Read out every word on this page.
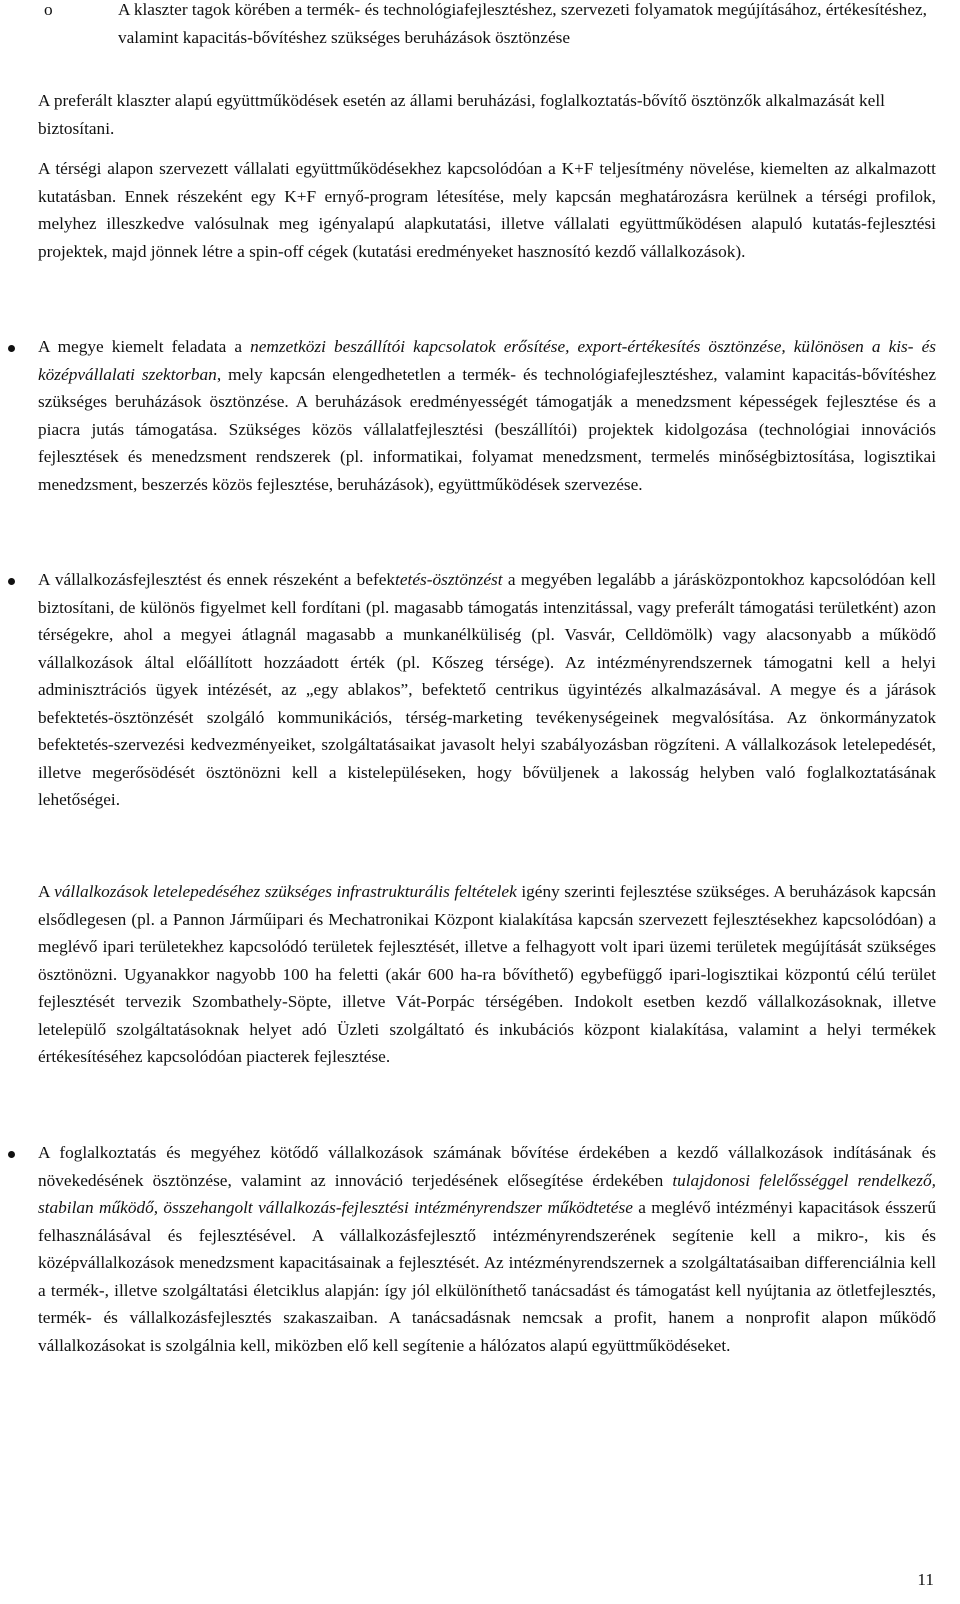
o	A klaszter tagok körében a termék- és technológiafejlesztéshez, szervezeti folyamatok megújításához, értékesítéshez, valamint kapacitás-bővítéshez szükséges beruházások ösztönzése

A preferált klaszter alapú együttműködések esetén az állami beruházási, foglalkoztatás-bővítő ösztönzők alkalmazását kell biztosítani.

A térségi alapon szervezett vállalati együttműködésekhez kapcsolódóan a K+F teljesítmény növelése, kiemelten az alkalmazott kutatásban. Ennek részeként egy K+F ernyő-program létesítése, mely kapcsán meghatározásra kerülnek a térségi profilok, melyhez illeszkedve valósulnak meg igényalapú alapkutatási, illetve vállalati együttműködésen alapuló kutatás-fejlesztési projektek, majd jönnek létre a spin-off cégek (kutatási eredményeket hasznosító kezdő vállalkozások).

A megye kiemelt feladata a nemzetközi beszállítói kapcsolatok erősítése, export-értékesítés ösztönzése, különösen a kis- és középvállalati szektorban, mely kapcsán elengedhetetlen a termék- és technológiafejlesztéshez, valamint kapacitás-bővítéshez szükséges beruházások ösztönzése. A beruházások eredményességét támogatják a menedzsment képességek fejlesztése és a piacra jutás támogatása. Szükséges közös vállalatfejlesztési (beszállítói) projektek kidolgozása (technológiai innovációs fejlesztések és menedzsment rendszerek (pl. informatikai, folyamat menedzsment, termelés minőségbiztosítása, logisztikai menedzsment, beszerzés közös fejlesztése, beruházások), együttműködések szervezése.

A vállalkozásfejlesztést és ennek részeként a befektetés-ösztönzést a megyében legalább a járásközpontokhoz kapcsolódóan kell biztosítani, de különös figyelmet kell fordítani (pl. magasabb támogatás intenzitással, vagy preferált támogatási területként) azon térségekre, ahol a megyei átlagnál magasabb a munkanélküliség (pl. Vasvár, Celldömölk) vagy alacsonyabb a működő vállalkozások által előállított hozzáadott érték (pl. Kőszeg térsége). Az intézményrendszernek támogatni kell a helyi adminisztrációs ügyek intézését, az „egy ablakos”, befektető centrikus ügyintézés alkalmazásával. A megye és a járások befektetés-ösztönzését szolgáló kommunikációs, térség-marketing tevékenységeinek megvalósítása. Az önkormányzatok befektetés-szervezési kedvezményeiket, szolgáltatásaikat javasolt helyi szabályozásban rögzíteni. A vállalkozások letelepedését, illetve megerősödését ösztönözni kell a kistelepüléseken, hogy bővüljenek a lakosság helyben való foglalkoztatásának lehetőségei.

A vállalkozások letelepedéséhez szükséges infrastrukturális feltételek igény szerinti fejlesztése szükséges. A beruházások kapcsán elsődlegesen (pl. a Pannon Járműipari és Mechatronikai Központ kialakítása kapcsán szervezett fejlesztésekhez kapcsolódóan) a meglévő ipari területekhez kapcsolódó területek fejlesztését, illetve a felhagyott volt ipari üzemi területek megújítását szükséges ösztönözni. Ugyanakkor nagyobb 100 ha feletti (akár 600 ha-ra bővíthető) egybefüggő ipari-logisztikai központú célú terület fejlesztését tervezik Szombathely-Söpte, illetve Vát-Porpác térségében. Indokolt esetben kezdő vállalkozásoknak, illetve letelepülő szolgáltatásoknak helyet adó Üzleti szolgáltató és inkubációs központ kialakítása, valamint a helyi termékek értékesítéséhez kapcsolódóan piacterek fejlesztése.

A foglalkoztatás és megyéhez kötődő vállalkozások számának bővítése érdekében a kezdő vállalkozások indításának és növekedésének ösztönzése, valamint az innováció terjedésének elősegítése érdekében tulajdonosi felelősséggel rendelkező, stabilan működő, összehangolt vállalkozás-fejlesztési intézményrendszer működtetése a meglévő intézményi kapacitások ésszerű felhasználásával és fejlesztésével. A vállalkozásfejlesztő intézményrendszerének segítenie kell a mikro-, kis és középvállalkozások menedzsment kapacitásainak a fejlesztését. Az intézményrendszernek a szolgáltatásaiban differenciálnia kell a termék-, illetve szolgáltatási életciklus alapján: így jól elkülöníthető tanácsadást és támogatást kell nyújtania az ötletfejlesztés, termék- és vállalkozásfejlesztés szakaszaiban. A tanácsadásnak nemcsak a profit, hanem a nonprofit alapon működő vállalkozásokat is szolgálnia kell, miközben elő kell segítenie a hálózatos alapú együttműködéseket.

11
